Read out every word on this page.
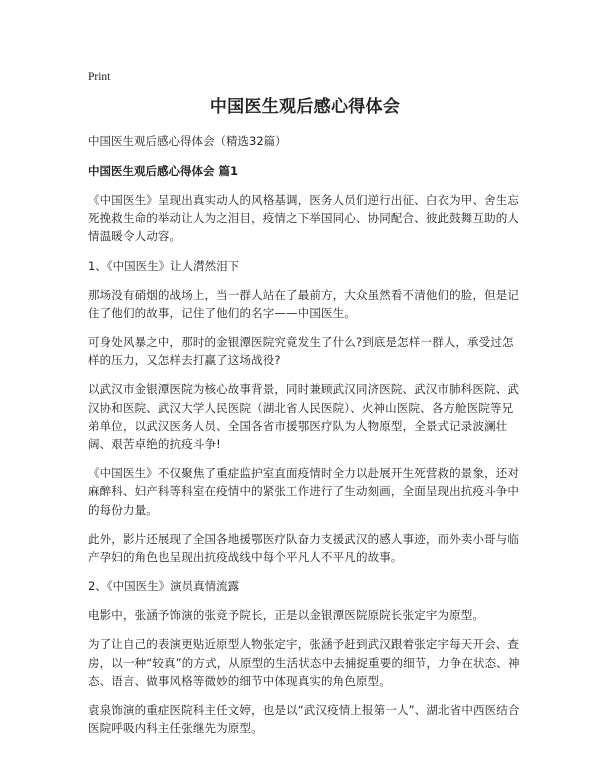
Print
中国医生观后感心得体会
中国医生观后感心得体会（精选32篇）
中国医生观后感心得体会 篇1

《中国医生》呈现出真实动人的风格基调，医务人员们逆行出征、白衣为甲、舍生忘死挽救生命的举动让人为之泪目，疫情之下举国同心、协同配合、彼此鼓舞互助的人情温暖令人动容。

1、《中国医生》让人潸然泪下

那场没有硝烟的战场上，当一群人站在了最前方，大众虽然看不清他们的脸，但是记住了他们的故事，记住了他们的名字——中国医生。

可身处风暴之中，那时的金银潭医院究竟发生了什么?到底是怎样一群人，承受过怎样的压力，又怎样去打赢了这场战役?

以武汉市金银潭医院为核心故事背景，同时兼顾武汉同济医院、武汉市肺科医院、武汉协和医院、武汉大学人民医院（湖北省人民医院）、火神山医院、各方舱医院等兄弟单位，以武汉医务人员、全国各省市援鄂医疗队为人物原型，全景式记录波澜壮阔、艰苦卓绝的抗疫斗争!

《中国医生》不仅聚焦了重症监护室直面疫情时全力以赴展开生死营救的景象，还对麻醉科、妇产科等科室在疫情中的紧张工作进行了生动刻画，全面呈现出抗疫斗争中的每份力量。

此外，影片还展现了全国各地援鄂医疗队奋力支援武汉的感人事迹，而外卖小哥与临产孕妇的角色也呈现出抗疫战线中每个平凡人不平凡的故事。

2、《中国医生》演员真情流露

电影中，张涵予饰演的张竞予院长，正是以金银潭医院原院长张定宇为原型。

为了让自己的表演更贴近原型人物张定宇，张涵予赶到武汉跟着张定宇每天开会、查房，以一种“较真”的方式，从原型的生活状态中去捕捉重要的细节，力争在状态、神态、语言、做事风格等微妙的细节中体现真实的角色原型。

袁泉饰演的重症医院科主任文婷，也是以“武汉疫情上报第一人”、湖北省中西医结合医院呼吸内科主任张继先为原型。
